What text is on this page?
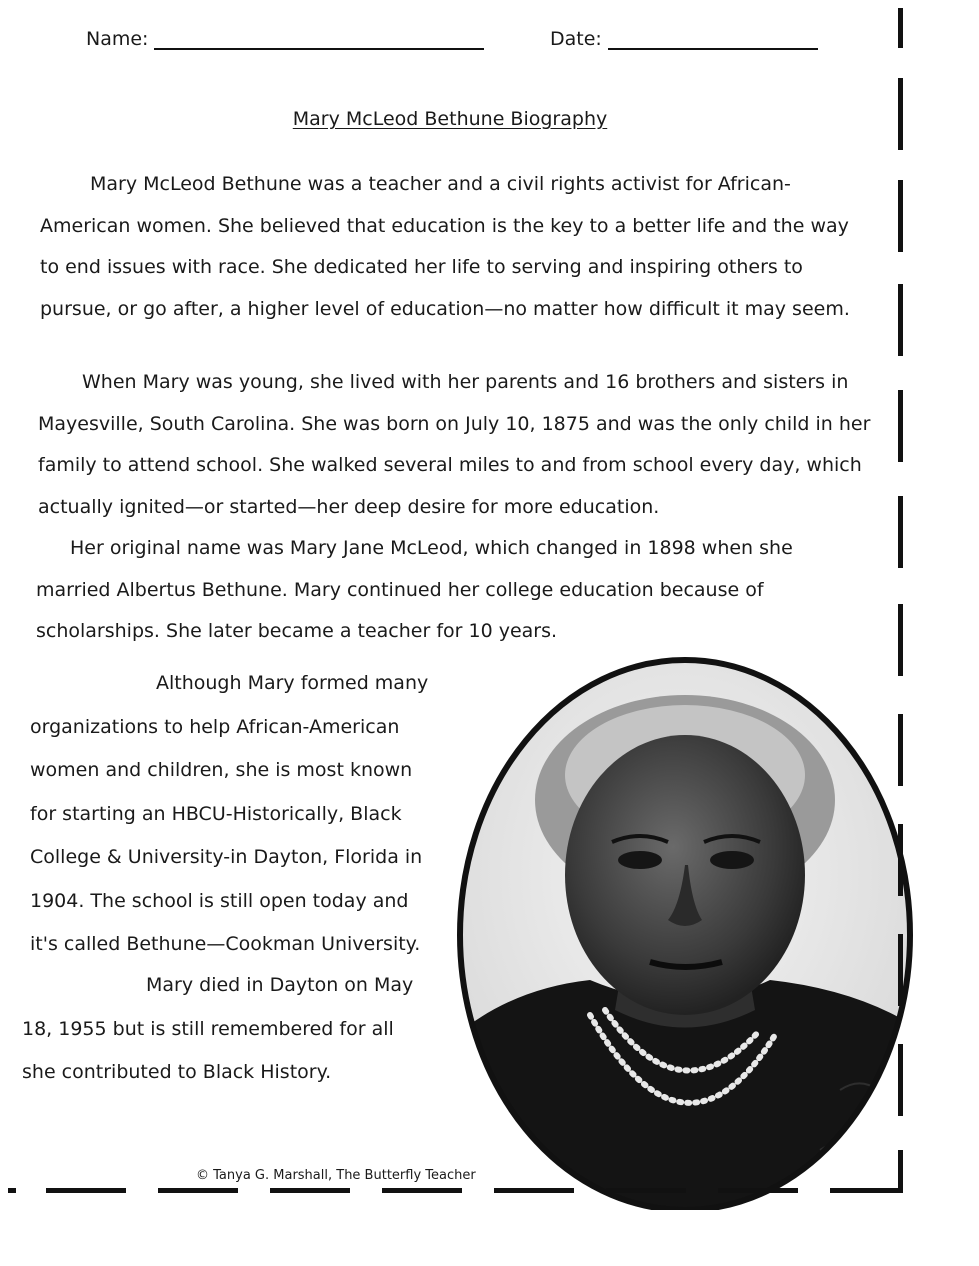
Name:	Date:
Mary McLeod Bethune Biography

Mary McLeod Bethune was a teacher and a civil rights activist for African-American women. She believed that education is the key to a better life and the way to end issues with race. She dedicated her life to serving and inspiring others to pursue, or go after, a higher level of education—no matter how difficult it may seem.

When Mary was young, she lived with her parents and 16 brothers and sisters in Mayesville, South Carolina. She was born on July 10, 1875 and was the only child in her family to attend school. She walked several miles to and from school every day, which actually ignited—or started—her deep desire for more education.

Her original name was Mary Jane McLeod, which changed in 1898 when she married Albertus Bethune. Mary continued her college education because of scholarships. She later became a teacher for 10 years.

Although Mary formed many organizations to help African-American women and children, she is most known for starting an HBCU-Historically, Black College & University-in Dayton, Florida in 1904. The school is still open today and it's called Bethune—Cookman University.

Mary died in Dayton on May 18, 1955 but is still remembered for all she contributed to Black History.

© Tanya G. Marshall, The Butterfly Teacher
